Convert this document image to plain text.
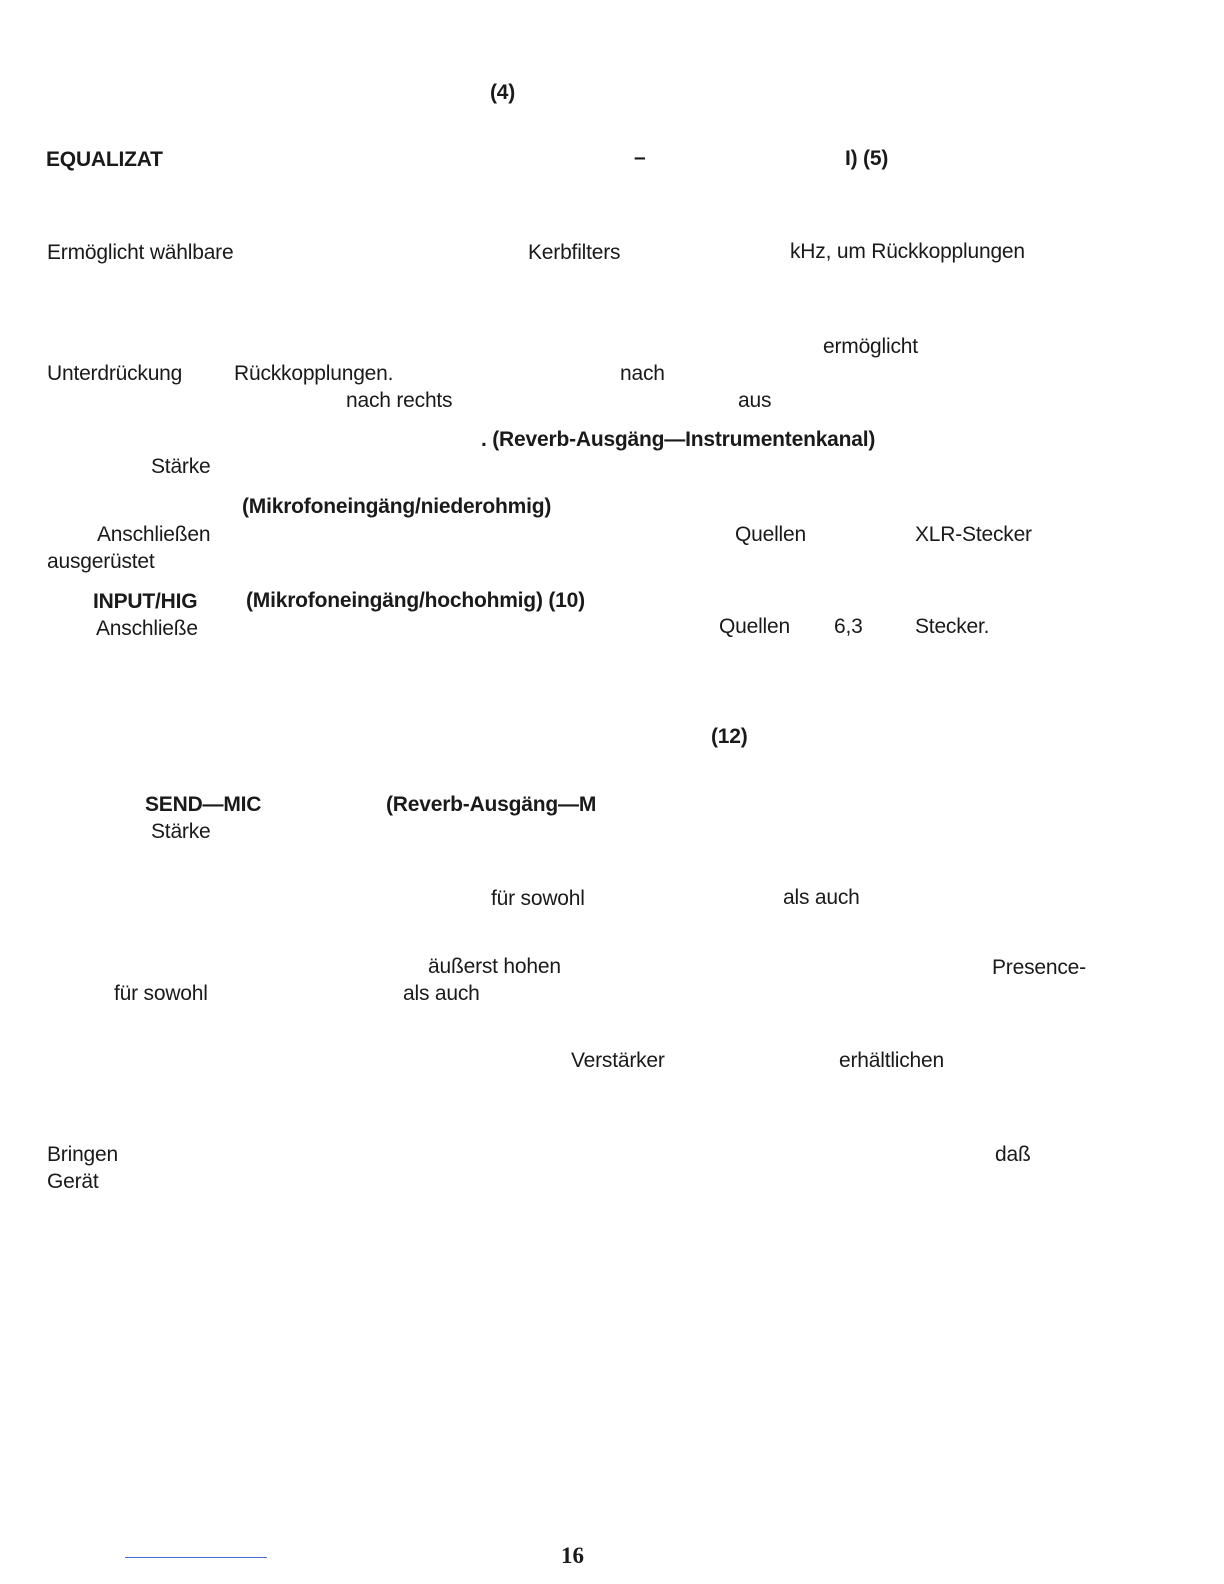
(4)
EQUALIZAT	–	I) (5)
Ermöglicht wählbare	Kerbfilters	kHz, um Rückkopplungen
ermöglicht
Unterdrückung Rückkopplungen.	nach
nach rechts	aus
. (Reverb-Ausgäng—Instrumentenkanal)
Stärke
(Mikrofoneingäng/niederohmig)
Anschließen	Quellen	XLR-Stecker
ausgerüstet
INPUT/HIG (Mikrofoneingäng/hochohmig) (10)
Anschließe	Quellen 6,3 Stecker.
(12)
SEND—MIC	(Reverb-Ausgäng—M
Stärke
für sowohl	als auch
äußerst hohen	Presence-
für sowohl	als auch
Verstärker	erhältlichen
Bringen	daß
Gerät
16
